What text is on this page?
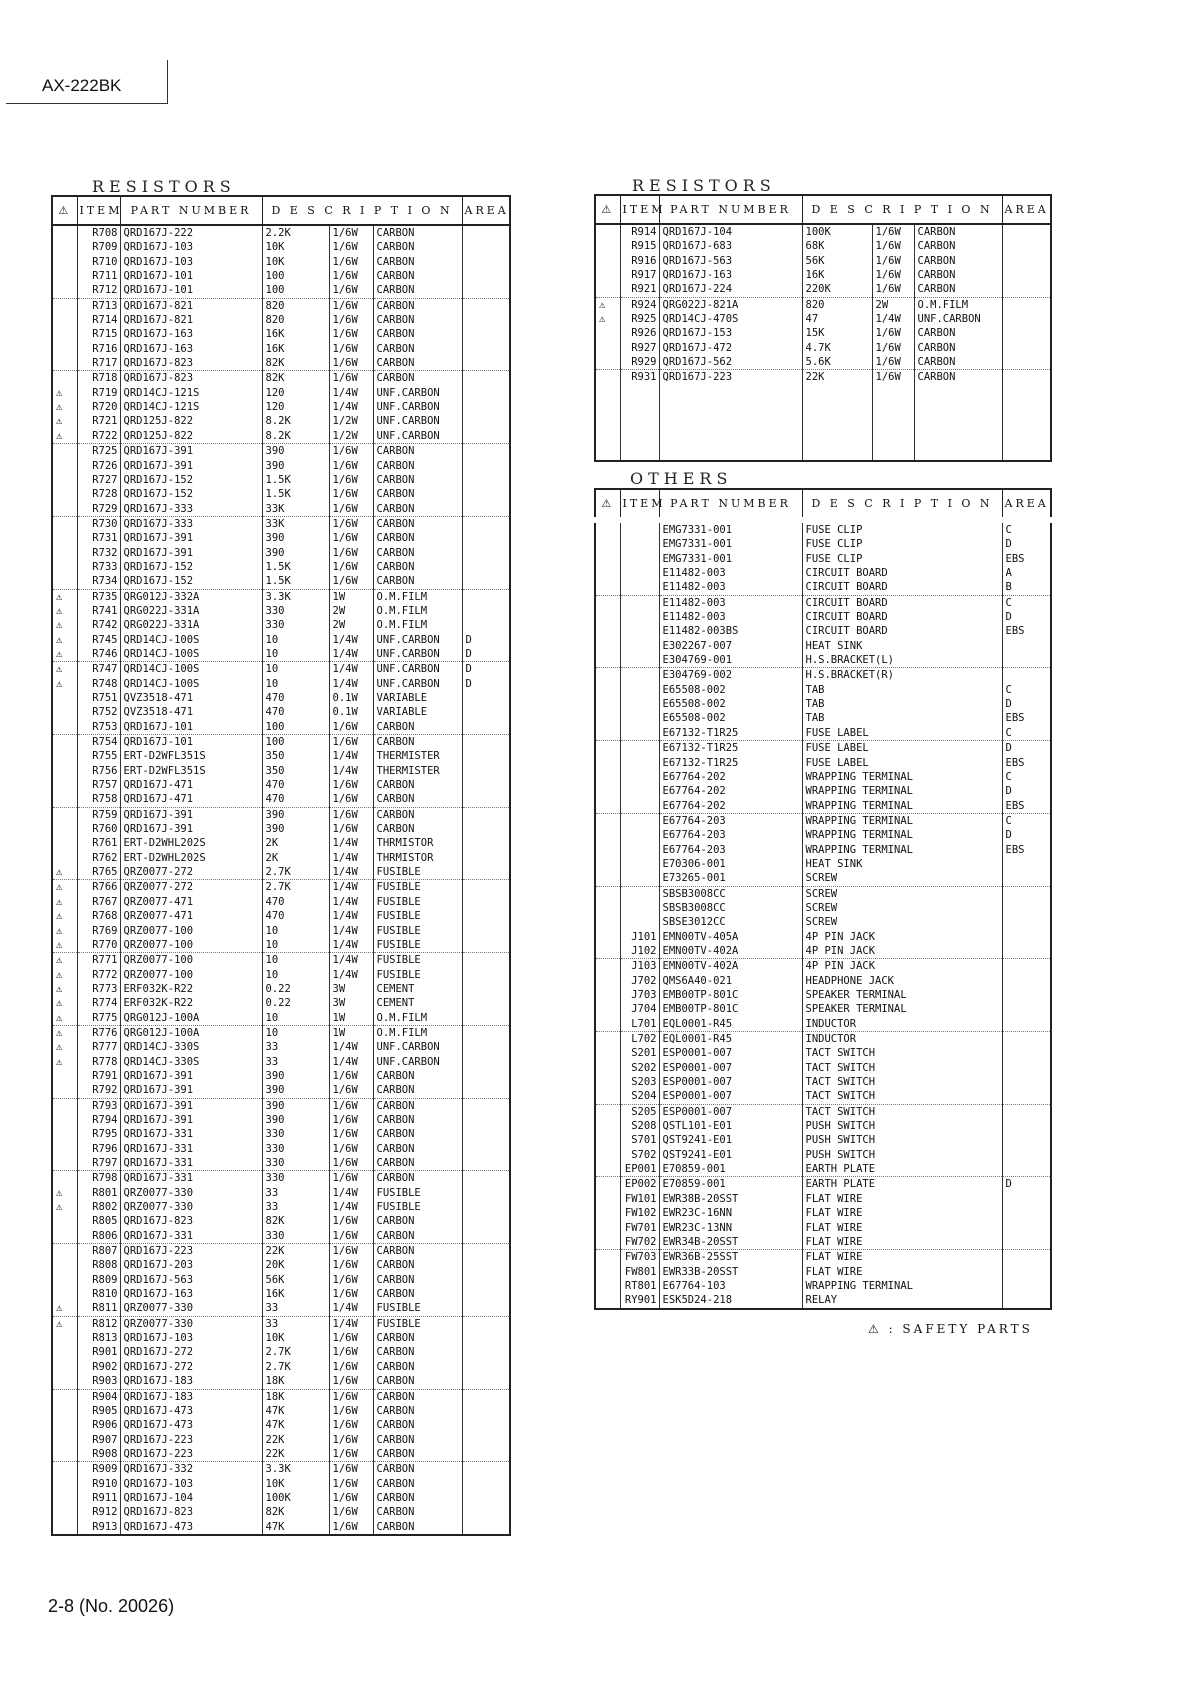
AX-222BK
RESISTORS
⚠	ITEM	PART NUMBER	D E S C R I P T I O N			AREA
	R708	QRD167J-222	2.2K	1/6W	CARBON	
	R709	QRD167J-103	10K	1/6W	CARBON	
	R710	QRD167J-103	10K	1/6W	CARBON	
	R711	QRD167J-101	100	1/6W	CARBON	
	R712	QRD167J-101	100	1/6W	CARBON	
	R713	QRD167J-821	820	1/6W	CARBON	
	R714	QRD167J-821	820	1/6W	CARBON	
	R715	QRD167J-163	16K	1/6W	CARBON	
	R716	QRD167J-163	16K	1/6W	CARBON	
	R717	QRD167J-823	82K	1/6W	CARBON	
	R718	QRD167J-823	82K	1/6W	CARBON	
⚠	R719	QRD14CJ-121S	120	1/4W	UNF.CARBON	
⚠	R720	QRD14CJ-121S	120	1/4W	UNF.CARBON	
⚠	R721	QRD125J-822	8.2K	1/2W	UNF.CARBON	
⚠	R722	QRD125J-822	8.2K	1/2W	UNF.CARBON	
	R725	QRD167J-391	390	1/6W	CARBON	
	R726	QRD167J-391	390	1/6W	CARBON	
	R727	QRD167J-152	1.5K	1/6W	CARBON	
	R728	QRD167J-152	1.5K	1/6W	CARBON	
	R729	QRD167J-333	33K	1/6W	CARBON	
	R730	QRD167J-333	33K	1/6W	CARBON	
	R731	QRD167J-391	390	1/6W	CARBON	
	R732	QRD167J-391	390	1/6W	CARBON	
	R733	QRD167J-152	1.5K	1/6W	CARBON	
	R734	QRD167J-152	1.5K	1/6W	CARBON	
⚠	R735	QRG012J-332A	3.3K	1W	O.M.FILM	
⚠	R741	QRG022J-331A	330	2W	O.M.FILM	
⚠	R742	QRG022J-331A	330	2W	O.M.FILM	
⚠	R745	QRD14CJ-100S	10	1/4W	UNF.CARBON	D
⚠	R746	QRD14CJ-100S	10	1/4W	UNF.CARBON	D
⚠	R747	QRD14CJ-100S	10	1/4W	UNF.CARBON	D
⚠	R748	QRD14CJ-100S	10	1/4W	UNF.CARBON	D
	R751	QVZ3518-471	470	0.1W	VARIABLE	
	R752	QVZ3518-471	470	0.1W	VARIABLE	
	R753	QRD167J-101	100	1/6W	CARBON	
	R754	QRD167J-101	100	1/6W	CARBON	
	R755	ERT-D2WFL351S	350	1/4W	THERMISTER	
	R756	ERT-D2WFL351S	350	1/4W	THERMISTER	
	R757	QRD167J-471	470	1/6W	CARBON	
	R758	QRD167J-471	470	1/6W	CARBON	
	R759	QRD167J-391	390	1/6W	CARBON	
	R760	QRD167J-391	390	1/6W	CARBON	
	R761	ERT-D2WHL202S	2K	1/4W	THRMISTOR	
	R762	ERT-D2WHL202S	2K	1/4W	THRMISTOR	
⚠	R765	QRZ0077-272	2.7K	1/4W	FUSIBLE	
⚠	R766	QRZ0077-272	2.7K	1/4W	FUSIBLE	
⚠	R767	QRZ0077-471	470	1/4W	FUSIBLE	
⚠	R768	QRZ0077-471	470	1/4W	FUSIBLE	
⚠	R769	QRZ0077-100	10	1/4W	FUSIBLE	
⚠	R770	QRZ0077-100	10	1/4W	FUSIBLE	
⚠	R771	QRZ0077-100	10	1/4W	FUSIBLE	
⚠	R772	QRZ0077-100	10	1/4W	FUSIBLE	
⚠	R773	ERF032K-R22	0.22	3W	CEMENT	
⚠	R774	ERF032K-R22	0.22	3W	CEMENT	
⚠	R775	QRG012J-100A	10	1W	O.M.FILM	
⚠	R776	QRG012J-100A	10	1W	O.M.FILM	
⚠	R777	QRD14CJ-330S	33	1/4W	UNF.CARBON	
⚠	R778	QRD14CJ-330S	33	1/4W	UNF.CARBON	
	R791	QRD167J-391	390	1/6W	CARBON	
	R792	QRD167J-391	390	1/6W	CARBON	
	R793	QRD167J-391	390	1/6W	CARBON	
	R794	QRD167J-391	390	1/6W	CARBON	
	R795	QRD167J-331	330	1/6W	CARBON	
	R796	QRD167J-331	330	1/6W	CARBON	
	R797	QRD167J-331	330	1/6W	CARBON	
	R798	QRD167J-331	330	1/6W	CARBON	
⚠	R801	QRZ0077-330	33	1/4W	FUSIBLE	
⚠	R802	QRZ0077-330	33	1/4W	FUSIBLE	
	R805	QRD167J-823	82K	1/6W	CARBON	
	R806	QRD167J-331	330	1/6W	CARBON	
	R807	QRD167J-223	22K	1/6W	CARBON	
	R808	QRD167J-203	20K	1/6W	CARBON	
	R809	QRD167J-563	56K	1/6W	CARBON	
	R810	QRD167J-163	16K	1/6W	CARBON	
⚠	R811	QRZ0077-330	33	1/4W	FUSIBLE	
⚠	R812	QRZ0077-330	33	1/4W	FUSIBLE	
	R813	QRD167J-103	10K	1/6W	CARBON	
	R901	QRD167J-272	2.7K	1/6W	CARBON	
	R902	QRD167J-272	2.7K	1/6W	CARBON	
	R903	QRD167J-183	18K	1/6W	CARBON	
	R904	QRD167J-183	18K	1/6W	CARBON	
	R905	QRD167J-473	47K	1/6W	CARBON	
	R906	QRD167J-473	47K	1/6W	CARBON	
	R907	QRD167J-223	22K	1/6W	CARBON	
	R908	QRD167J-223	22K	1/6W	CARBON	
	R909	QRD167J-332	3.3K	1/6W	CARBON	
	R910	QRD167J-103	10K	1/6W	CARBON	
	R911	QRD167J-104	100K	1/6W	CARBON	
	R912	QRD167J-823	82K	1/6W	CARBON	
	R913	QRD167J-473	47K	1/6W	CARBON	
RESISTORS
⚠	ITEM	PART NUMBER	D E S C R I P T I O N			AREA
	R914	QRD167J-104	100K	1/6W	CARBON	
	R915	QRD167J-683	68K	1/6W	CARBON	
	R916	QRD167J-563	56K	1/6W	CARBON	
	R917	QRD167J-163	16K	1/6W	CARBON	
	R921	QRD167J-224	220K	1/6W	CARBON	
⚠	R924	QRG022J-821A	820	2W	O.M.FILM	
⚠	R925	QRD14CJ-470S	47	1/4W	UNF.CARBON	
	R926	QRD167J-153	15K	1/6W	CARBON	
	R927	QRD167J-472	4.7K	1/6W	CARBON	
	R929	QRD167J-562	5.6K	1/6W	CARBON	
	R931	QRD167J-223	22K	1/6W	CARBON	

OTHERS
⚠	ITEM	PART NUMBER	D E S C R I P T I O N	AREA
		EMG7331-001	FUSE CLIP	C
		EMG7331-001	FUSE CLIP	D
		EMG7331-001	FUSE CLIP	EBS
		E11482-003	CIRCUIT BOARD	A
		E11482-003	CIRCUIT BOARD	B
		E11482-003	CIRCUIT BOARD	C
		E11482-003	CIRCUIT BOARD	D
		E11482-003BS	CIRCUIT BOARD	EBS
		E302267-007	HEAT SINK	
		E304769-001	H.S.BRACKET(L)	
		E304769-002	H.S.BRACKET(R)	
		E65508-002	TAB	C
		E65508-002	TAB	D
		E65508-002	TAB	EBS
		E67132-T1R25	FUSE LABEL	C
		E67132-T1R25	FUSE LABEL	D
		E67132-T1R25	FUSE LABEL	EBS
		E67764-202	WRAPPING TERMINAL	C
		E67764-202	WRAPPING TERMINAL	D
		E67764-202	WRAPPING TERMINAL	EBS
		E67764-203	WRAPPING TERMINAL	C
		E67764-203	WRAPPING TERMINAL	D
		E67764-203	WRAPPING TERMINAL	EBS
		E70306-001	HEAT SINK	
		E73265-001	SCREW	
		SBSB3008CC	SCREW	
		SBSB3008CC	SCREW	
		SBSE3012CC	SCREW	
	J101	EMN00TV-405A	4P PIN JACK	
	J102	EMN00TV-402A	4P PIN JACK	
	J103	EMN00TV-402A	4P PIN JACK	
	J702	QMS6A40-021	HEADPHONE JACK	
	J703	EMB00TP-801C	SPEAKER TERMINAL	
	J704	EMB00TP-801C	SPEAKER TERMINAL	
	L701	EQL0001-R45	INDUCTOR	
	L702	EQL0001-R45	INDUCTOR	
	S201	ESP0001-007	TACT SWITCH	
	S202	ESP0001-007	TACT SWITCH	
	S203	ESP0001-007	TACT SWITCH	
	S204	ESP0001-007	TACT SWITCH	
	S205	ESP0001-007	TACT SWITCH	
	S208	QSTL101-E01	PUSH SWITCH	
	S701	QST9241-E01	PUSH SWITCH	
	S702	QST9241-E01	PUSH SWITCH	
	EP001	E70859-001	EARTH PLATE	
	EP002	E70859-001	EARTH PLATE	D
	FW101	EWR38B-20SST	FLAT WIRE	
	FW102	EWR23C-16NN	FLAT WIRE	
	FW701	EWR23C-13NN	FLAT WIRE	
	FW702	EWR34B-20SST	FLAT WIRE	
	FW703	EWR36B-25SST	FLAT WIRE	
	FW801	EWR33B-20SST	FLAT WIRE	
	RT801	E67764-103	WRAPPING TERMINAL	
	RY901	ESK5D24-218	RELAY	
⚠ : SAFETY PARTS
2-8 (No. 20026)
